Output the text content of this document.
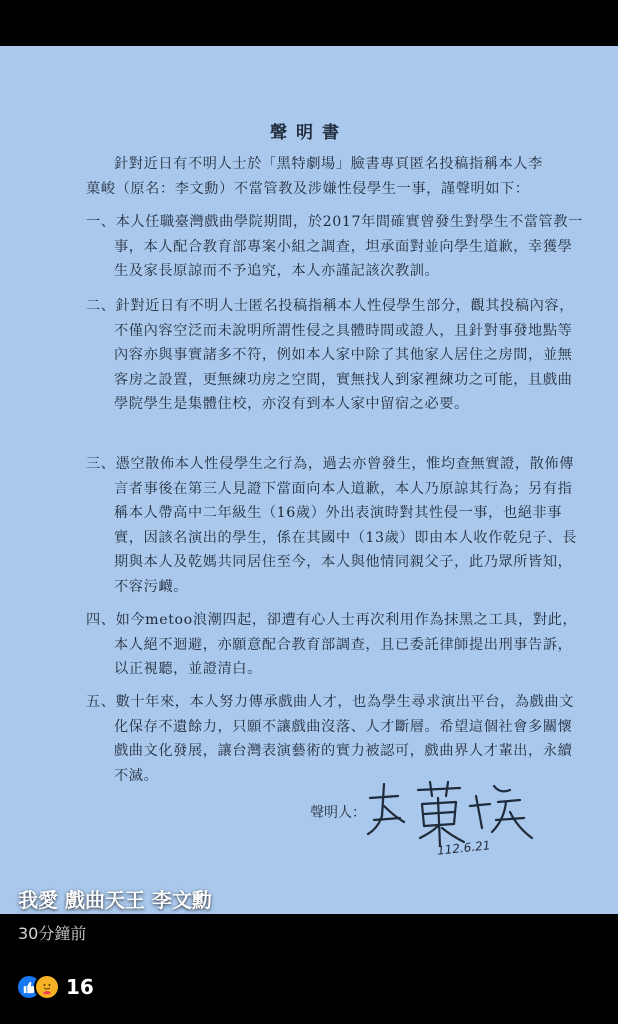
聲明書
針對近日有不明人士於「黑特劇場」臉書專頁匿名投稿指稱本人李菓峻（原名：李文勳）不當管教及涉嫌性侵學生一事，謹聲明如下：
一、本人任職臺灣戲曲學院期間，於2017年間確實曾發生對學生不當管教一事，本人配合教育部專案小組之調查，坦承面對並向學生道歉，幸獲學生及家長原諒而不予追究，本人亦謹記該次教訓。
二、針對近日有不明人士匿名投稿指稱本人性侵學生部分，觀其投稿內容，不僅內容空泛而未說明所謂性侵之具體時間或證人，且針對事發地點等內容亦與事實諸多不符，例如本人家中除了其他家人居住之房間，並無客房之設置，更無練功房之空間，實無找人到家裡練功之可能，且戲曲學院學生是集體住校，亦沒有到本人家中留宿之必要。
三、憑空散佈本人性侵學生之行為，過去亦曾發生，惟均查無實證，散佈傳言者事後在第三人見證下當面向本人道歉，本人乃原諒其行為；另有指稱本人帶高中二年級生（16歲）外出表演時對其性侵一事，也絕非事實，因該名演出的學生，係在其國中（13歲）即由本人收作乾兒子、長期與本人及乾媽共同居住至今，本人與他情同親父子，此乃眾所皆知，不容污衊。
四、如今metoo浪潮四起，卻遭有心人士再次利用作為抹黑之工具，對此，本人絕不迴避，亦願意配合教育部調查，且已委託律師提出刑事告訴，以正視聽，並證清白。
五、數十年來，本人努力傳承戲曲人才，也為學生尋求演出平台，為戲曲文化保存不遺餘力，只願不讓戲曲沒落、人才斷層。希望這個社會多關懷戲曲文化發展，讓台灣表演藝術的實力被認可，戲曲界人才輩出，永續不滅。
聲明人：
112.6.21
我愛 戲曲天王 李文勳
30分鐘前
16
